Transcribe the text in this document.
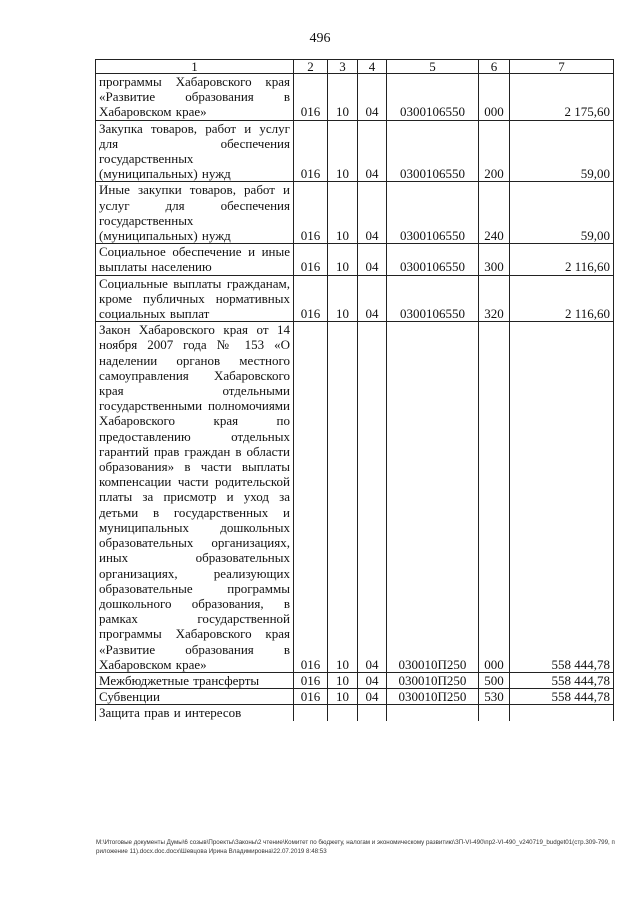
496
1	2	3	4	5	6	7
программы Хабаровского края «Развитие образования в Хабаровском крае»	016	10	04	0300106550	000	2 175,60
Закупка товаров, работ и услуг для обеспечения государственных (муниципальных) нужд	016	10	04	0300106550	200	59,00
Иные закупки товаров, работ и услуг для обеспечения государственных (муниципальных) нужд	016	10	04	0300106550	240	59,00
Социальное обеспечение и иные выплаты населению	016	10	04	0300106550	300	2 116,60
Социальные выплаты гражданам, кроме публичных нормативных социальных выплат	016	10	04	0300106550	320	2 116,60
Закон Хабаровского края от 14 ноября 2007 года № 153 «О наделении органов местного самоуправления Хабаровского края отдельными государственными полномочиями Хабаровского края по предоставлению отдельных гарантий прав граждан в области образования» в части выплаты компенсации части родительской платы за присмотр и уход за детьми в государственных и муниципальных дошкольных образовательных организациях, иных образовательных организациях, реализующих образовательные программы дошкольного образования, в рамках государственной программы Хабаровского края «Развитие образования в Хабаровском крае»	016	10	04	030010П250	000	558 444,78
Межбюджетные трансферты	016	10	04	030010П250	500	558 444,78
Субвенции	016	10	04	030010П250	530	558 444,78
Защита прав и интересов						
M:\Итоговые документы Думы\6 созыв\Проекты\Законы\2 чтение\Комитет по бюджету, налогам и экономическому развитию\ЗП-VI-490\пр2-VI-490_v240719_budget01(стр.309-799, приложение 11).docx.doc.docx\Шевцова Ирина Владимировна\22.07.2019 8:48:53
